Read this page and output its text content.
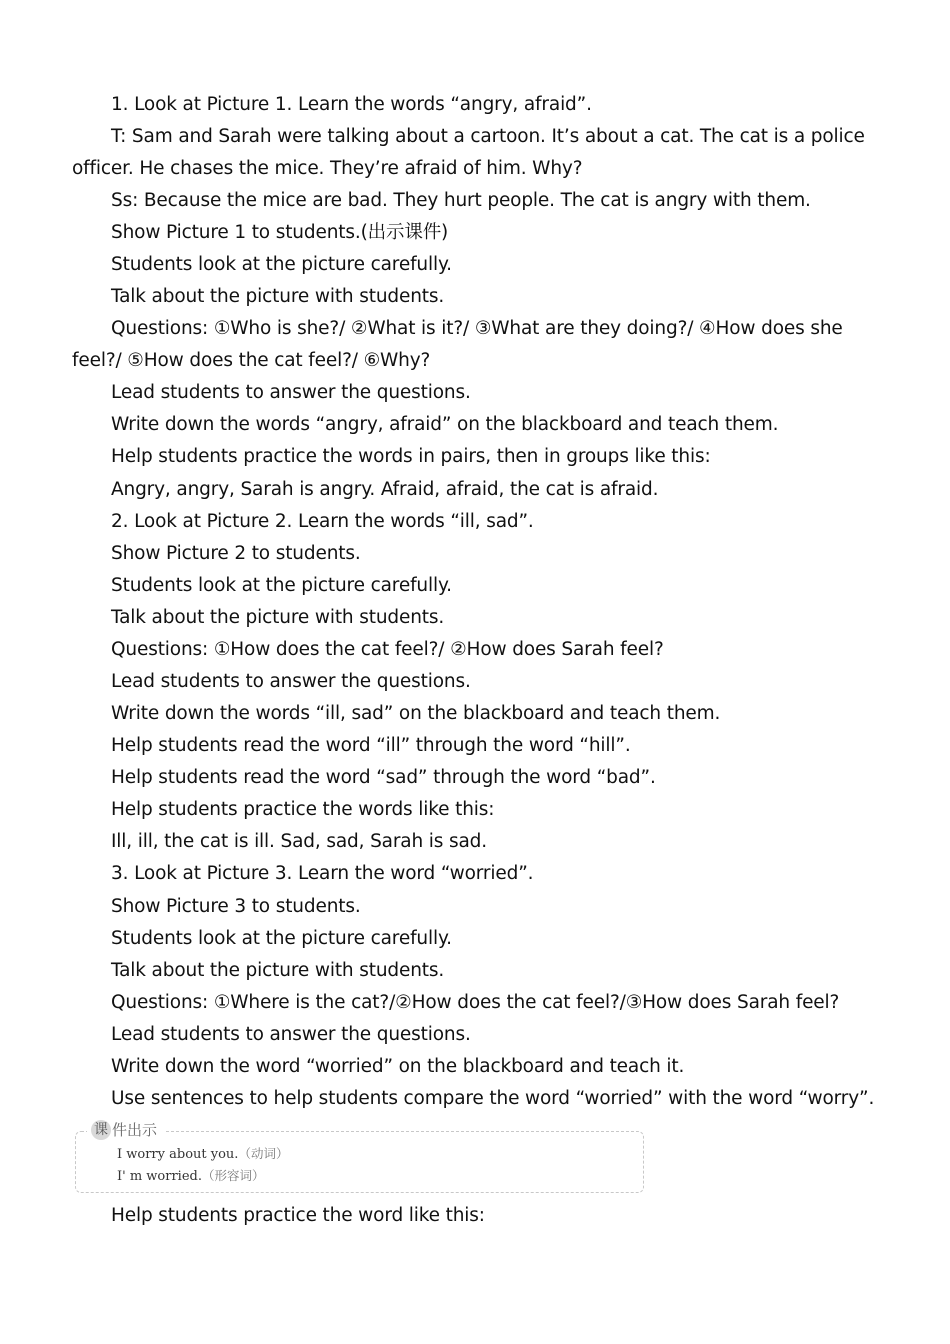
1. Look at Picture 1. Learn the words “angry, afraid”.
T: Sam and Sarah were talking about a cartoon. It’s about a cat. The cat is a police
officer. He chases the mice. They’re afraid of him. Why?
Ss: Because the mice are bad. They hurt people. The cat is angry with them.
Show Picture 1 to students.(出示课件)
Students look at the picture carefully.
Talk about the picture with students.
Questions: ①Who is she?/ ②What is it?/ ③What are they doing?/ ④How does she
feel?/ ⑤How does the cat feel?/ ⑥Why?
Lead students to answer the questions.
Write down the words “angry, afraid” on the blackboard and teach them.
Help students practice the words in pairs, then in groups like this:
Angry, angry, Sarah is angry. Afraid, afraid, the cat is afraid.
2. Look at Picture 2. Learn the words “ill, sad”.
Show Picture 2 to students.
Students look at the picture carefully.
Talk about the picture with students.
Questions: ①How does the cat feel?/ ②How does Sarah feel?
Lead students to answer the questions.
Write down the words “ill, sad” on the blackboard and teach them.
Help students read the word “ill” through the word “hill”.
Help students read the word “sad” through the word “bad”.
Help students practice the words like this:
Ill, ill, the cat is ill. Sad, sad, Sarah is sad.
3. Look at Picture 3. Learn the word “worried”.
Show Picture 3 to students.
Students look at the picture carefully.
Talk about the picture with students.
Questions: ①Where is the cat?/②How does the cat feel?/③How does Sarah feel?
Lead students to answer the questions.
Write down the word “worried” on the blackboard and teach it.
Use sentences to help students compare the word “worried” with the word “worry”.
课 件出示
I worry about you.（动词）
I' m worried.（形容词）
Help students practice the word like this:
